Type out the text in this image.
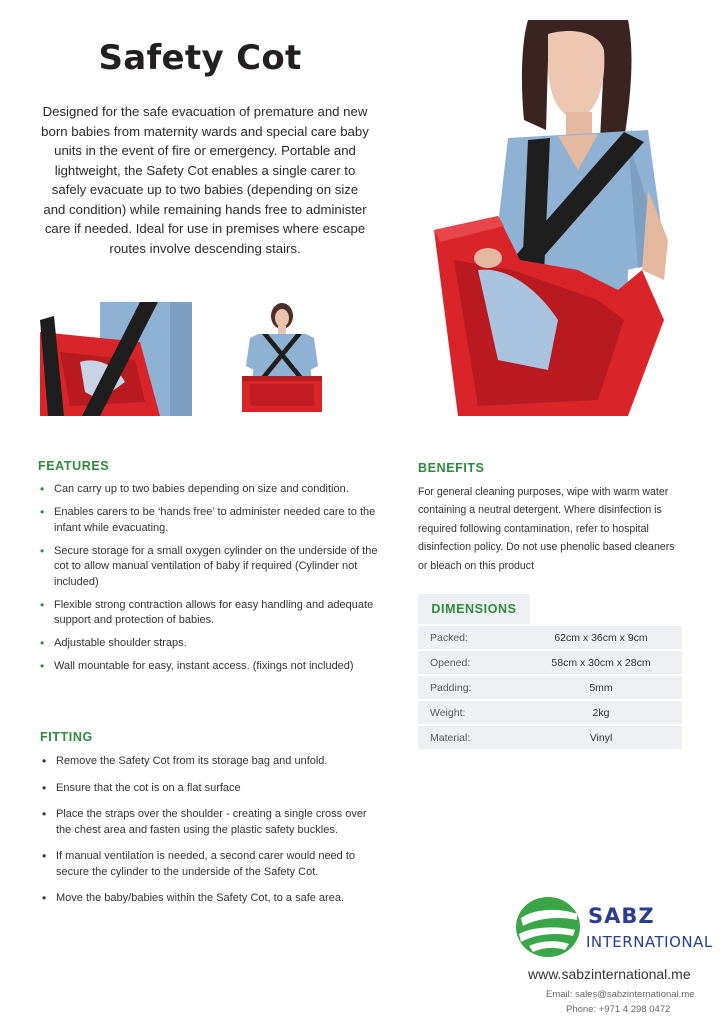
Safety Cot
Designed for the safe evacuation of premature and new born babies from maternity wards and special care baby units in the event of fire or emergency. Portable and lightweight, the Safety Cot enables a single carer to safely evacuate up to two babies (depending on size and condition) while remaining hands free to administer care if needed. Ideal for use in premises where escape routes involve descending stairs.
FEATURES
• Can carry up to two babies depending on size and condition.
• Enables carers to be ‘hands free’ to administer needed care to the infant while evacuating.
• Secure storage for a small oxygen cylinder on the underside of the cot to allow manual ventilation of baby if required (Cylinder not included)
• Flexible strong contraction allows for easy handling and adequate support and protection of babies.
• Adjustable shoulder straps.
• Wall mountable for easy, instant access. (fixings not included)
FITTING
• Remove the Safety Cot from its storage bag and unfold.
• Ensure that the cot is on a flat surface
• Place the straps over the shoulder - creating a single cross over the chest area and fasten using the plastic safety buckles.
• If manual ventilation is needed, a second carer would need to secure the cylinder to the underside of the Safety Cot.
• Move the baby/babies within the Safety Cot, to a safe area.
BENEFITS
For general cleaning purposes, wipe with warm water containing a neutral detergent. Where disinfection is required following contamination, refer to hospital disinfection policy. Do not use phenolic based cleaners or bleach on this product
DIMENSIONS
Packed:	62cm x 36cm x 9cm
Opened:	58cm x 30cm x 28cm
Padding:	5mm
Weight:	2kg
Material:	Vinyl
SABZ
INTERNATIONAL
www.sabzinternational.me
Email: sales@sabzinternational.me
Phone: +971 4 298 0472
